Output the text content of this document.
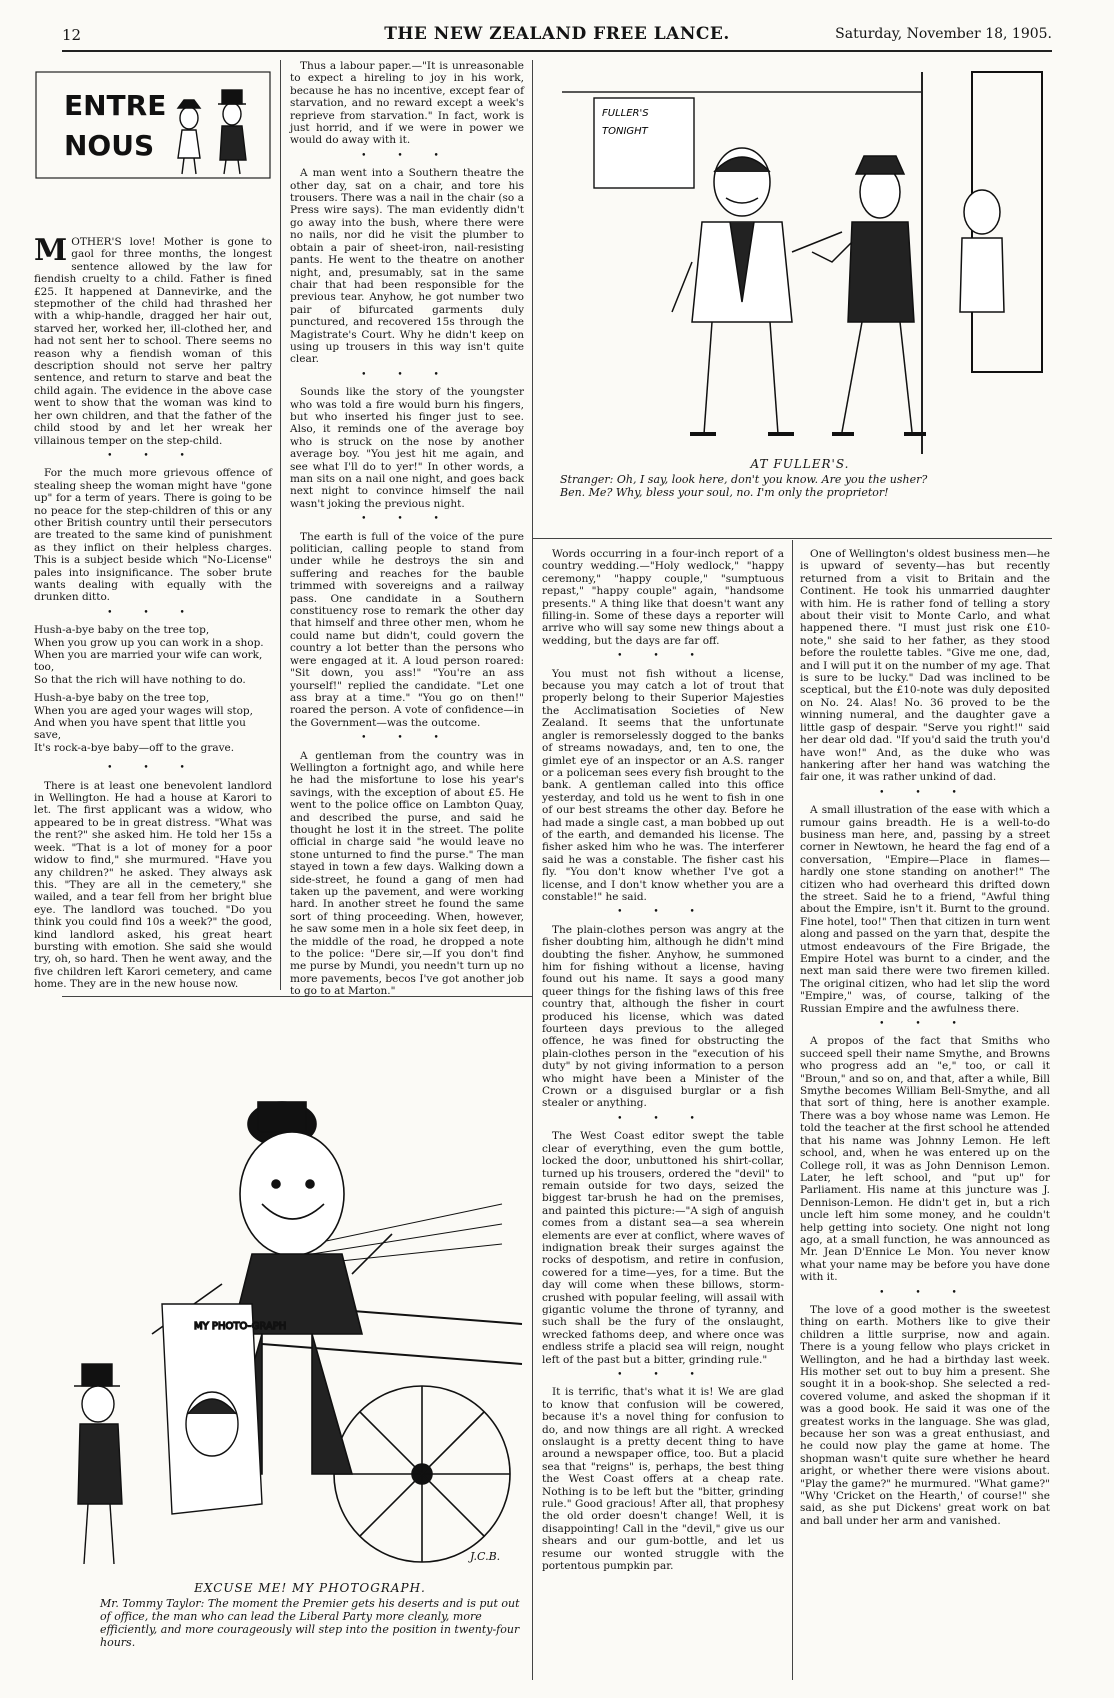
12	THE NEW ZEALAND FREE LANCE.	Saturday, November 18, 1905.
ENTRE
NOUS

MOTHER'S love! Mother is gone to gaol for three months, the longest sentence allowed by the law for fiendish cruelty to a child. Father is fined £25. It happened at Dannevirke, and the stepmother of the child had thrashed her with a whip-handle, dragged her hair out, starved her, worked her, ill-clothed her, and had not sent her to school. There seems no reason why a fiendish woman of this description should not serve her paltry sentence, and return to starve and beat the child again. The evidence in the above case went to show that the woman was kind to her own children, and that the father of the child stood by and let her wreak her villainous temper on the step-child.

• • •

For the much more grievous offence of stealing sheep the woman might have "gone up" for a term of years. There is going to be no peace for the step-children of this or any other British country until their persecutors are treated to the same kind of punishment as they inflict on their helpless charges. This is a subject beside which "No-License" pales into insignificance. The sober brute wants dealing with equally with the drunken ditto.

• • •

Hush-a-bye baby on the tree top,

When you grow up you can work in a shop.

When you are married your wife can work, too,

So that the rich will have nothing to do.

Hush-a-bye baby on the tree top,

When you are aged your wages will stop,

And when you have spent that little you save,

It's rock-a-bye baby—off to the grave.

• • •

There is at least one benevolent landlord in Wellington. He had a house at Karori to let. The first applicant was a widow, who appeared to be in great distress. "What was the rent?" she asked him. He told her 15s a week. "That is a lot of money for a poor widow to find," she murmured. "Have you any children?" he asked. They always ask this. "They are all in the cemetery," she wailed, and a tear fell from her bright blue eye. The landlord was touched. "Do you think you could find 10s a week?" the good, kind landlord asked, his great heart bursting with emotion. She said she would try, oh, so hard. Then he went away, and the five children left Karori cemetery, and came home. They are in the new house now.

Thus a labour paper.—"It is unreasonable to expect a hireling to joy in his work, because he has no incentive, except fear of starvation, and no reward except a week's reprieve from starvation." In fact, work is just horrid, and if we were in power we would do away with it.

• • •

A man went into a Southern theatre the other day, sat on a chair, and tore his trousers. There was a nail in the chair (so a Press wire says). The man evidently didn't go away into the bush, where there were no nails, nor did he visit the plumber to obtain a pair of sheet-iron, nail-resisting pants. He went to the theatre on another night, and, presumably, sat in the same chair that had been responsible for the previous tear. Anyhow, he got number two pair of bifurcated garments duly punctured, and recovered 15s through the Magistrate's Court. Why he didn't keep on using up trousers in this way isn't quite clear.

• • •

Sounds like the story of the youngster who was told a fire would burn his fingers, but who inserted his finger just to see. Also, it reminds one of the average boy who is struck on the nose by another average boy. "You jest hit me again, and see what I'll do to yer!" In other words, a man sits on a nail one night, and goes back next night to convince himself the nail wasn't joking the previous night.

• • •

The earth is full of the voice of the pure politician, calling people to stand from under while he destroys the sin and suffering and reaches for the bauble trimmed with sovereigns and a railway pass. One candidate in a Southern constituency rose to remark the other day that himself and three other men, whom he could name but didn't, could govern the country a lot better than the persons who were engaged at it. A loud person roared: "Sit down, you ass!" "You're an ass yourself!" replied the candidate. "Let one ass bray at a time." "You go on then!" roared the person. A vote of confidence—in the Government—was the outcome.

• • •

A gentleman from the country was in Wellington a fortnight ago, and while here he had the misfortune to lose his year's savings, with the exception of about £5. He went to the police office on Lambton Quay, and described the purse, and said he thought he lost it in the street. The polite official in charge said "he would leave no stone unturned to find the purse." The man stayed in town a few days. Walking down a side-street, he found a gang of men had taken up the pavement, and were working hard. In another street he found the same sort of thing proceeding. When, however, he saw some men in a hole six feet deep, in the middle of the road, he dropped a note to the police: "Dere sir,—If you don't find me purse by Mundi, you needn't turn up no more pavements, becos I've got another job to go to at Marton."

FULLER'S
TONIGHT
AT FULLER'S.
Stranger: Oh, I say, look here, don't you know. Are you the usher?
Ben. Me? Why, bless your soul, no. I'm only the proprietor!

Words occurring in a four-inch report of a country wedding.—"Holy wedlock," "happy ceremony," "happy couple," "sumptuous repast," "happy couple" again, "handsome presents." A thing like that doesn't want any filling-in. Some of these days a reporter will arrive who will say some new things about a wedding, but the days are far off.

• • •

You must not fish without a license, because you may catch a lot of trout that properly belong to their Superior Majesties the Acclimatisation Societies of New Zealand. It seems that the unfortunate angler is remorselessly dogged to the banks of streams nowadays, and, ten to one, the gimlet eye of an inspector or an A.S. ranger or a policeman sees every fish brought to the bank. A gentleman called into this office yesterday, and told us he went to fish in one of our best streams the other day. Before he had made a single cast, a man bobbed up out of the earth, and demanded his license. The fisher asked him who he was. The interferer said he was a constable. The fisher cast his fly. "You don't know whether I've got a license, and I don't know whether you are a constable!" he said.

• • •

The plain-clothes person was angry at the fisher doubting him, although he didn't mind doubting the fisher. Anyhow, he summoned him for fishing without a license, having found out his name. It says a good many queer things for the fishing laws of this free country that, although the fisher in court produced his license, which was dated fourteen days previous to the alleged offence, he was fined for obstructing the plain-clothes person in the "execution of his duty" by not giving information to a person who might have been a Minister of the Crown or a disguised burglar or a fish stealer or anything.

• • •

The West Coast editor swept the table clear of everything, even the gum bottle, locked the door, unbuttoned his shirt-collar, turned up his trousers, ordered the "devil" to remain outside for two days, seized the biggest tar-brush he had on the premises, and painted this picture:—"A sigh of anguish comes from a distant sea—a sea wherein elements are ever at conflict, where waves of indignation break their surges against the rocks of despotism, and retire in confusion, cowered for a time—yes, for a time. But the day will come when these billows, storm-crushed with popular feeling, will assail with gigantic volume the throne of tyranny, and such shall be the fury of the onslaught, wrecked fathoms deep, and where once was endless strife a placid sea will reign, nought left of the past but a bitter, grinding rule."

• • •

It is terrific, that's what it is! We are glad to know that confusion will be cowered, because it's a novel thing for confusion to do, and now things are all right. A wrecked onslaught is a pretty decent thing to have around a newspaper office, too. But a placid sea that "reigns" is, perhaps, the best thing the West Coast offers at a cheap rate. Nothing is to be left but the "bitter, grinding rule." Good gracious! After all, that prophesy the old order doesn't change! Well, it is disappointing! Call in the "devil," give us our shears and our gum-bottle, and let us resume our wonted struggle with the portentous pumpkin par.

One of Wellington's oldest business men—he is upward of seventy—has but recently returned from a visit to Britain and the Continent. He took his unmarried daughter with him. He is rather fond of telling a story about their visit to Monte Carlo, and what happened there. "I must just risk one £10-note," she said to her father, as they stood before the roulette tables. "Give me one, dad, and I will put it on the number of my age. That is sure to be lucky." Dad was inclined to be sceptical, but the £10-note was duly deposited on No. 24. Alas! No. 36 proved to be the winning numeral, and the daughter gave a little gasp of despair. "Serve you right!" said her dear old dad. "If you'd said the truth you'd have won!" And, as the duke who was hankering after her hand was watching the fair one, it was rather unkind of dad.

• • •

A small illustration of the ease with which a rumour gains breadth. He is a well-to-do business man here, and, passing by a street corner in Newtown, he heard the fag end of a conversation, "Empire—Place in flames—hardly one stone standing on another!" The citizen who had overheard this drifted down the street. Said he to a friend, "Awful thing about the Empire, isn't it. Burnt to the ground. Fine hotel, too!" Then that citizen in turn went along and passed on the yarn that, despite the utmost endeavours of the Fire Brigade, the Empire Hotel was burnt to a cinder, and the next man said there were two firemen killed. The original citizen, who had let slip the word "Empire," was, of course, talking of the Russian Empire and the awfulness there.

• • •

A propos of the fact that Smiths who succeed spell their name Smythe, and Browns who progress add an "e," too, or call it "Broun," and so on, and that, after a while, Bill Smythe becomes William Bell-Smythe, and all that sort of thing, here is another example. There was a boy whose name was Lemon. He told the teacher at the first school he attended that his name was Johnny Lemon. He left school, and, when he was entered up on the College roll, it was as John Dennison Lemon. Later, he left school, and "put up" for Parliament. His name at this juncture was J. Dennison-Lemon. He didn't get in, but a rich uncle left him some money, and he couldn't help getting into society. One night not long ago, at a small function, he was announced as Mr. Jean D'Ennice Le Mon. You never know what your name may be before you have done with it.

• • •

The love of a good mother is the sweetest thing on earth. Mothers like to give their children a little surprise, now and again. There is a young fellow who plays cricket in Wellington, and he had a birthday last week. His mother set out to buy him a present. She sought it in a book-shop. She selected a red-covered volume, and asked the shopman if it was a good book. He said it was one of the greatest works in the language. She was glad, because her son was a great enthusiast, and he could now play the game at home. The shopman wasn't quite sure whether he heard aright, or whether there were visions about. "Play the game?" he murmured. "What game?" "Why 'Cricket on the Hearth,' of course!" she said, as she put Dickens' great work on bat and ball under her arm and vanished.

MY PHOTO-GRAPH
J.C.B.
EXCUSE ME! MY PHOTOGRAPH.
Mr. Tommy Taylor: The moment the Premier gets his deserts and is put out of office, the man who can lead the Liberal Party more cleanly, more efficiently, and more courageously will step into the position in twenty-four hours.
